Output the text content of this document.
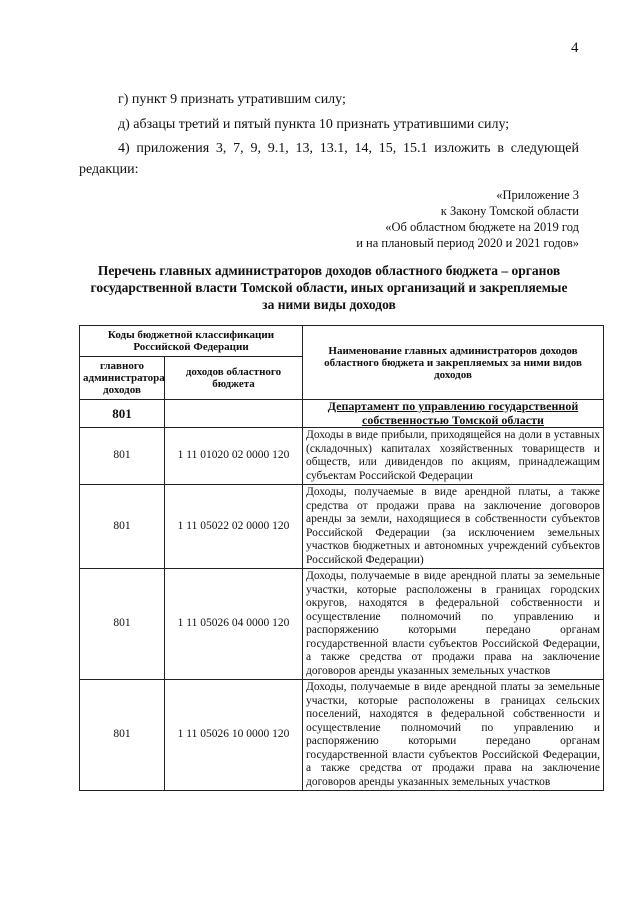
4
г) пункт 9 признать утратившим силу;
д) абзацы третий и пятый пункта 10 признать утратившими силу;
4) приложения 3, 7, 9, 9.1, 13, 13.1, 14, 15, 15.1 изложить в следующей
редакции:
«Приложение 3
к Закону Томской области
«Об областном бюджете на 2019 год
и на плановый период 2020 и 2021 годов»
Перечень главных администраторов доходов областного бюджета – органов
государственной власти Томской области, иных организаций и закрепляемые
за ними виды доходов
Коды бюджетной классификации Российской Федерации		Наименование главных администраторов доходов областного бюджета и закрепляемых за ними видов доходов
главного администратора доходов	доходов областного бюджета	
801		Департамент по управлению государственной собственностью Томской области
801	1 11 01020 02 0000 120	Доходы в виде прибыли, приходящейся на доли в уставных (складочных) капиталах хозяйственных товариществ и обществ, или дивидендов по акциям, принадлежащим субъектам Российской Федерации
801	1 11 05022 02 0000 120	Доходы, получаемые в виде арендной платы, а также средства от продажи права на заключение договоров аренды за земли, находящиеся в собственности субъектов Российской Федерации (за исключением земельных участков бюджетных и автономных учреждений субъектов Российской Федерации)
801	1 11 05026 04 0000 120	Доходы, получаемые в виде арендной платы за земельные участки, которые расположены в границах городских округов, находятся в федеральной собственности и осуществление полномочий по управлению и распоряжению которыми передано органам государственной власти субъектов Российской Федерации, а также средства от продажи права на заключение договоров аренды указанных земельных участков
801	1 11 05026 10 0000 120	Доходы, получаемые в виде арендной платы за земельные участки, которые расположены в границах сельских поселений, находятся в федеральной собственности и осуществление полномочий по управлению и распоряжению которыми передано органам государственной власти субъектов Российской Федерации, а также средства от продажи права на заключение договоров аренды указанных земельных участков
